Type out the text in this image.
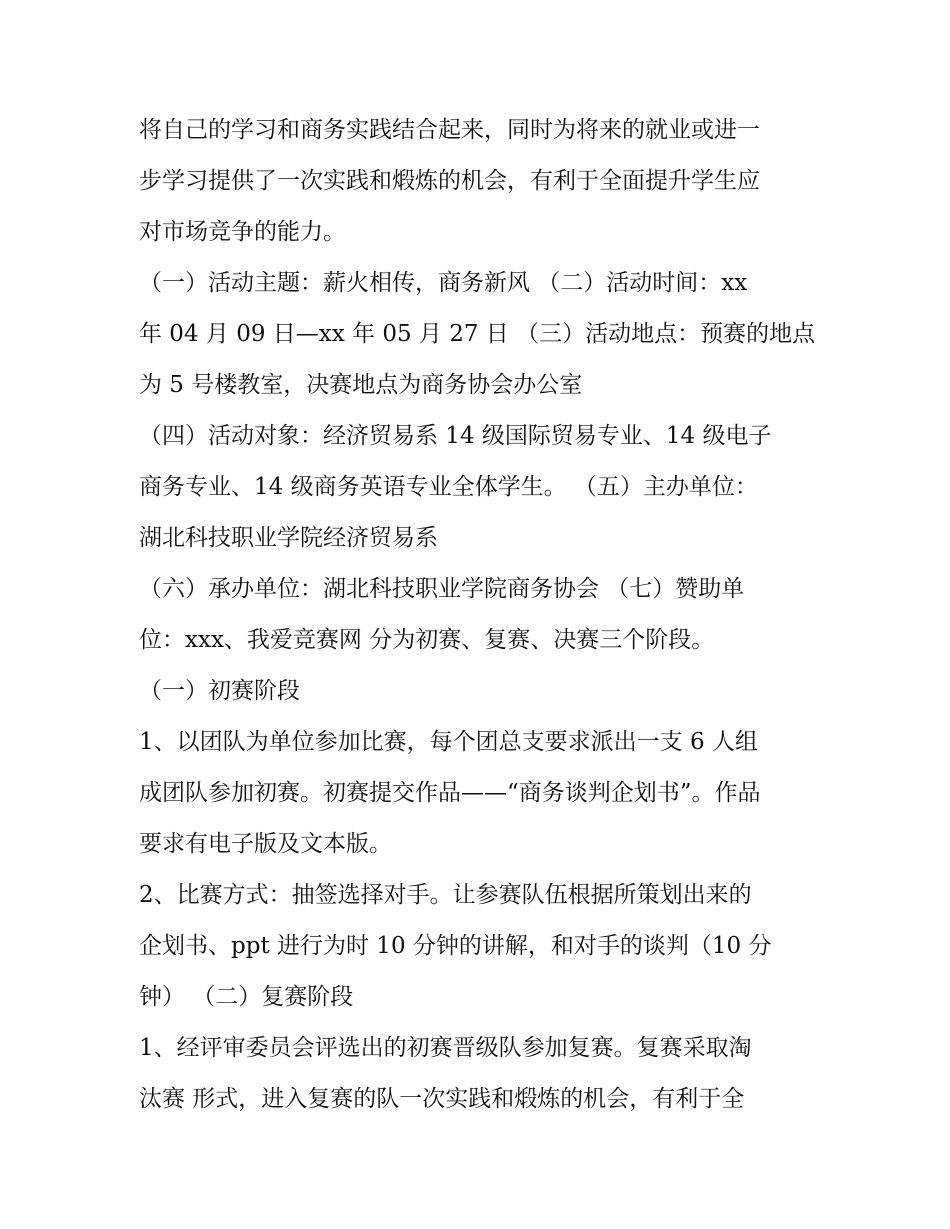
将自己的学习和商务实践结合起来，同时为将来的就业或进一

步学习提供了一次实践和煅炼的机会，有利于全面提升学生应

对市场竞争的能力。

（一）活动主题：薪火相传，商务新风 （二）活动时间：xx

年 04 月 09 日—xx 年 05 月 27 日 （三）活动地点：预赛的地点

为 5 号楼教室，决赛地点为商务协会办公室

（四）活动对象：经济贸易系 14 级国际贸易专业、14 级电子

商务专业、14 级商务英语专业全体学生。 （五）主办单位：

湖北科技职业学院经济贸易系

（六）承办单位：湖北科技职业学院商务协会 （七）赞助单

位：xxx、我爱竞赛网 分为初赛、复赛、决赛三个阶段。

（一）初赛阶段

1、以团队为单位参加比赛，每个团总支要求派出一支 6 人组

成团队参加初赛。初赛提交作品——“商务谈判企划书”。作品

要求有电子版及文本版。

2、比赛方式：抽签选择对手。让参赛队伍根据所策划出来的

企划书、ppt 进行为时 10 分钟的讲解，和对手的谈判（10 分

钟） （二）复赛阶段

1、经评审委员会评选出的初赛晋级队参加复赛。复赛采取淘

汰赛 形式，进入复赛的队一次实践和煅炼的机会，有利于全
